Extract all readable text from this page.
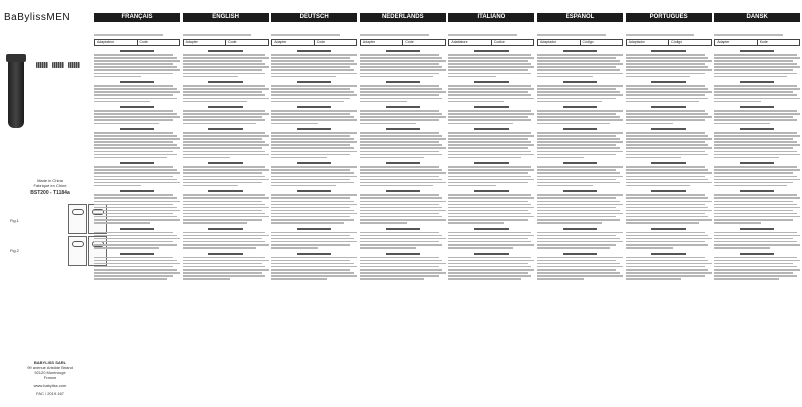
BaBylissMEN
Made in China
Fabriqué en Chine
BST200 - T1184a
Fig.1
Fig.2
BABYLISS SARL
99 avenue Aristide Briand
92120 Montrouge
France
www.babyliss.com
FAC / 2019.167
FRANÇAIS
Adaptateur	Code
ENGLISH
Adapter	Code
DEUTSCH
Adapter	Code
NEDERLANDS
Adapter	Code
ITALIANO
Adattatore	Codice
ESPAÑOL
Adaptador	Código
PORTUGUÊS
Adaptador	Código
DANSK
Adapter	Kode
